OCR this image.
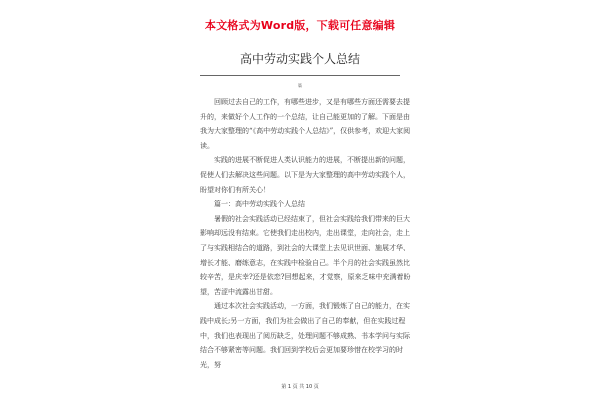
本文格式为Word版，下载可任意编辑
高中劳动实践个人总结
篇

回顾过去自己的工作，有哪些进步，又是有哪些方面还需要去提升的，来做好个人工作的一个总结，让自己能更加的了解。下面是由我为大家整理的“《高中劳动实践个人总结》”，仅供参考，欢迎大家阅读。

实践的进展不断促进人类认识能力的进展，不断提出新的问题，促使人们去解决这些问题。以下是为大家整理的高中劳动实践个人，盼望对你们有所关心！

篇一：高中劳动实践个人总结

暑假的社会实践活动已经结束了，但社会实践给我们带来的巨大影响却远没有结束。它使我们走出校内，走出课堂，走向社会，走上了与实践相结合的道路，到社会的大课堂上去见识世面、施展才华、增长才能、磨练意志，在实践中检验自己。半个月的社会实践虽然比较辛苦，是庆幸?还是依恋?回想起来，才觉察，原来乏味中充满着盼望，苦涩中流露出甘甜。

通过本次社会实践活动，一方面，我们锻炼了自己的能力，在实践中成长;另一方面，我们为社会做出了自己的奉献，但在实践过程中，我们也表现出了阅历缺乏，处理问题不够成熟、书本学问与实际结合不够紧密等问题。我们回到学校后会更加要珍惜在校学习的时光，努

第 1 页 共 10 页
